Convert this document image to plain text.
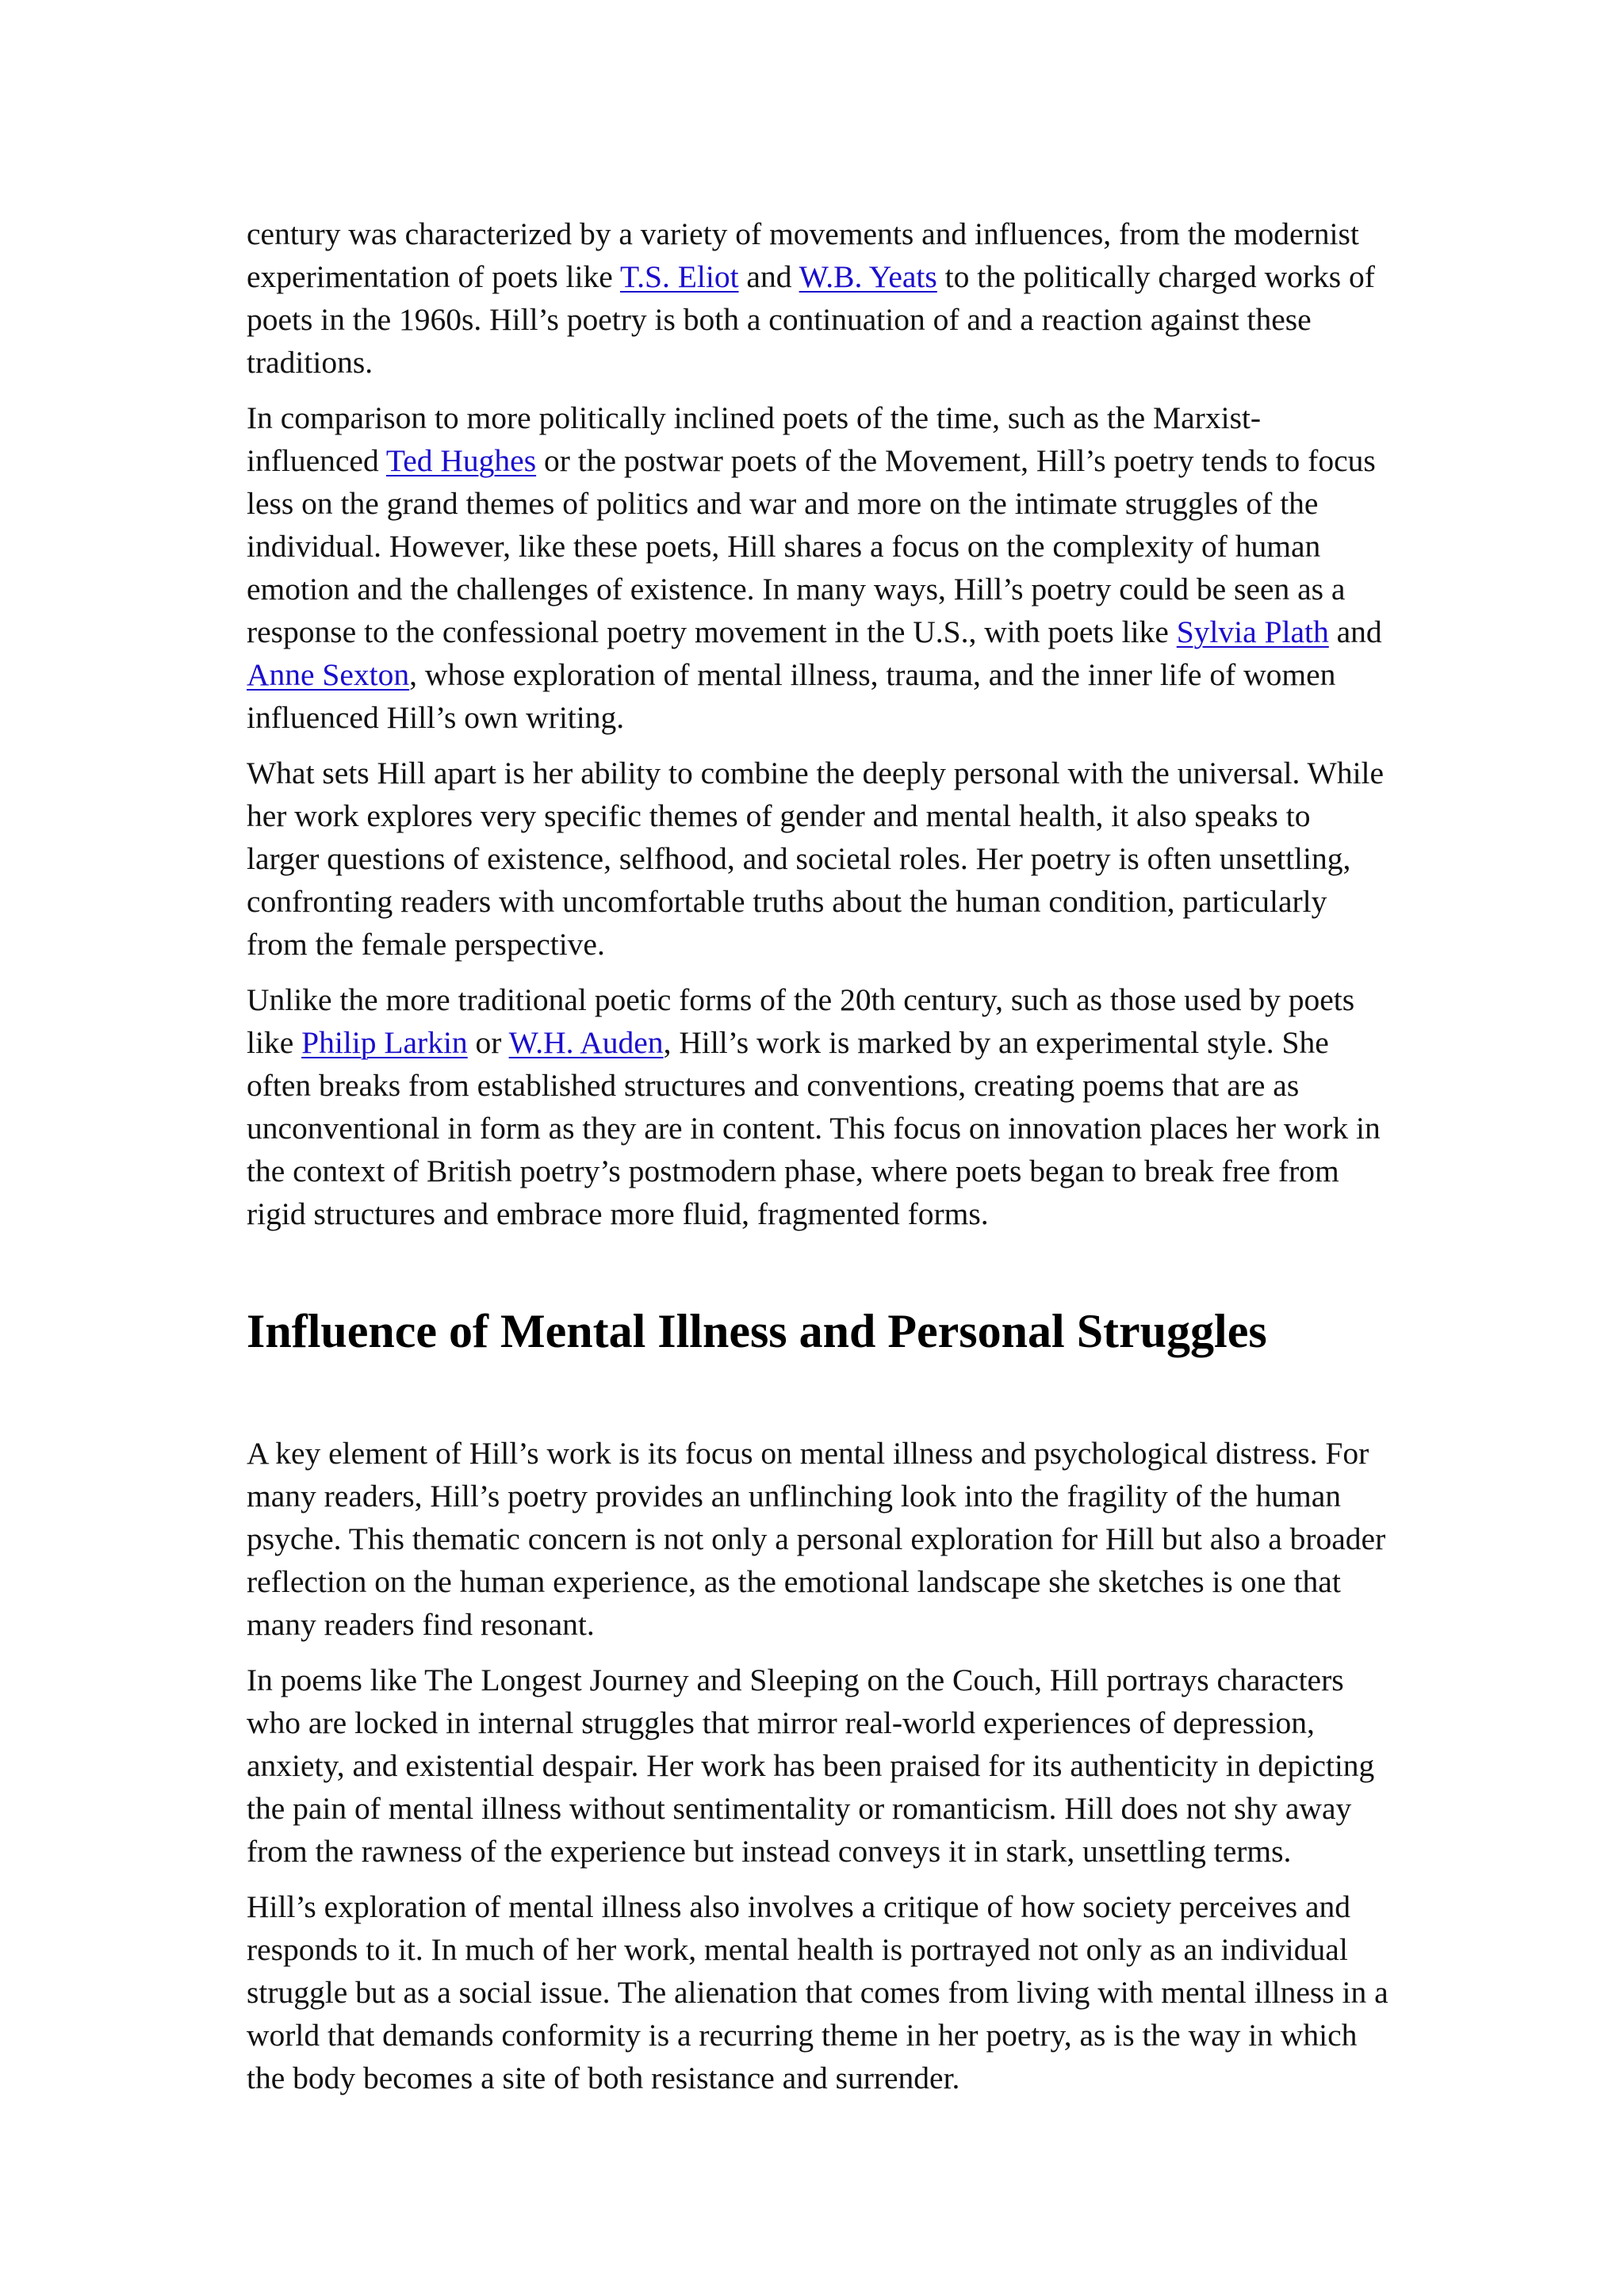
century was characterized by a variety of movements and influences, from the modernist experimentation of poets like T.S. Eliot and W.B. Yeats to the politically charged works of poets in the 1960s. Hill’s poetry is both a continuation of and a reaction against these traditions.

In comparison to more politically inclined poets of the time, such as the Marxist-influenced Ted Hughes or the postwar poets of the Movement, Hill’s poetry tends to focus less on the grand themes of politics and war and more on the intimate struggles of the individual. However, like these poets, Hill shares a focus on the complexity of human emotion and the challenges of existence. In many ways, Hill’s poetry could be seen as a response to the confessional poetry movement in the U.S., with poets like Sylvia Plath and Anne Sexton, whose exploration of mental illness, trauma, and the inner life of women influenced Hill’s own writing.

What sets Hill apart is her ability to combine the deeply personal with the universal. While her work explores very specific themes of gender and mental health, it also speaks to larger questions of existence, selfhood, and societal roles. Her poetry is often unsettling, confronting readers with uncomfortable truths about the human condition, particularly from the female perspective.

Unlike the more traditional poetic forms of the 20th century, such as those used by poets like Philip Larkin or W.H. Auden, Hill’s work is marked by an experimental style. She often breaks from established structures and conventions, creating poems that are as unconventional in form as they are in content. This focus on innovation places her work in the context of British poetry’s postmodern phase, where poets began to break free from rigid structures and embrace more fluid, fragmented forms.

Influence of Mental Illness and Personal Struggles

A key element of Hill’s work is its focus on mental illness and psychological distress. For many readers, Hill’s poetry provides an unflinching look into the fragility of the human psyche. This thematic concern is not only a personal exploration for Hill but also a broader reflection on the human experience, as the emotional landscape she sketches is one that many readers find resonant.

In poems like The Longest Journey and Sleeping on the Couch, Hill portrays characters who are locked in internal struggles that mirror real-world experiences of depression, anxiety, and existential despair. Her work has been praised for its authenticity in depicting the pain of mental illness without sentimentality or romanticism. Hill does not shy away from the rawness of the experience but instead conveys it in stark, unsettling terms.

Hill’s exploration of mental illness also involves a critique of how society perceives and responds to it. In much of her work, mental health is portrayed not only as an individual struggle but as a social issue. The alienation that comes from living with mental illness in a world that demands conformity is a recurring theme in her poetry, as is the way in which the body becomes a site of both resistance and surrender.
